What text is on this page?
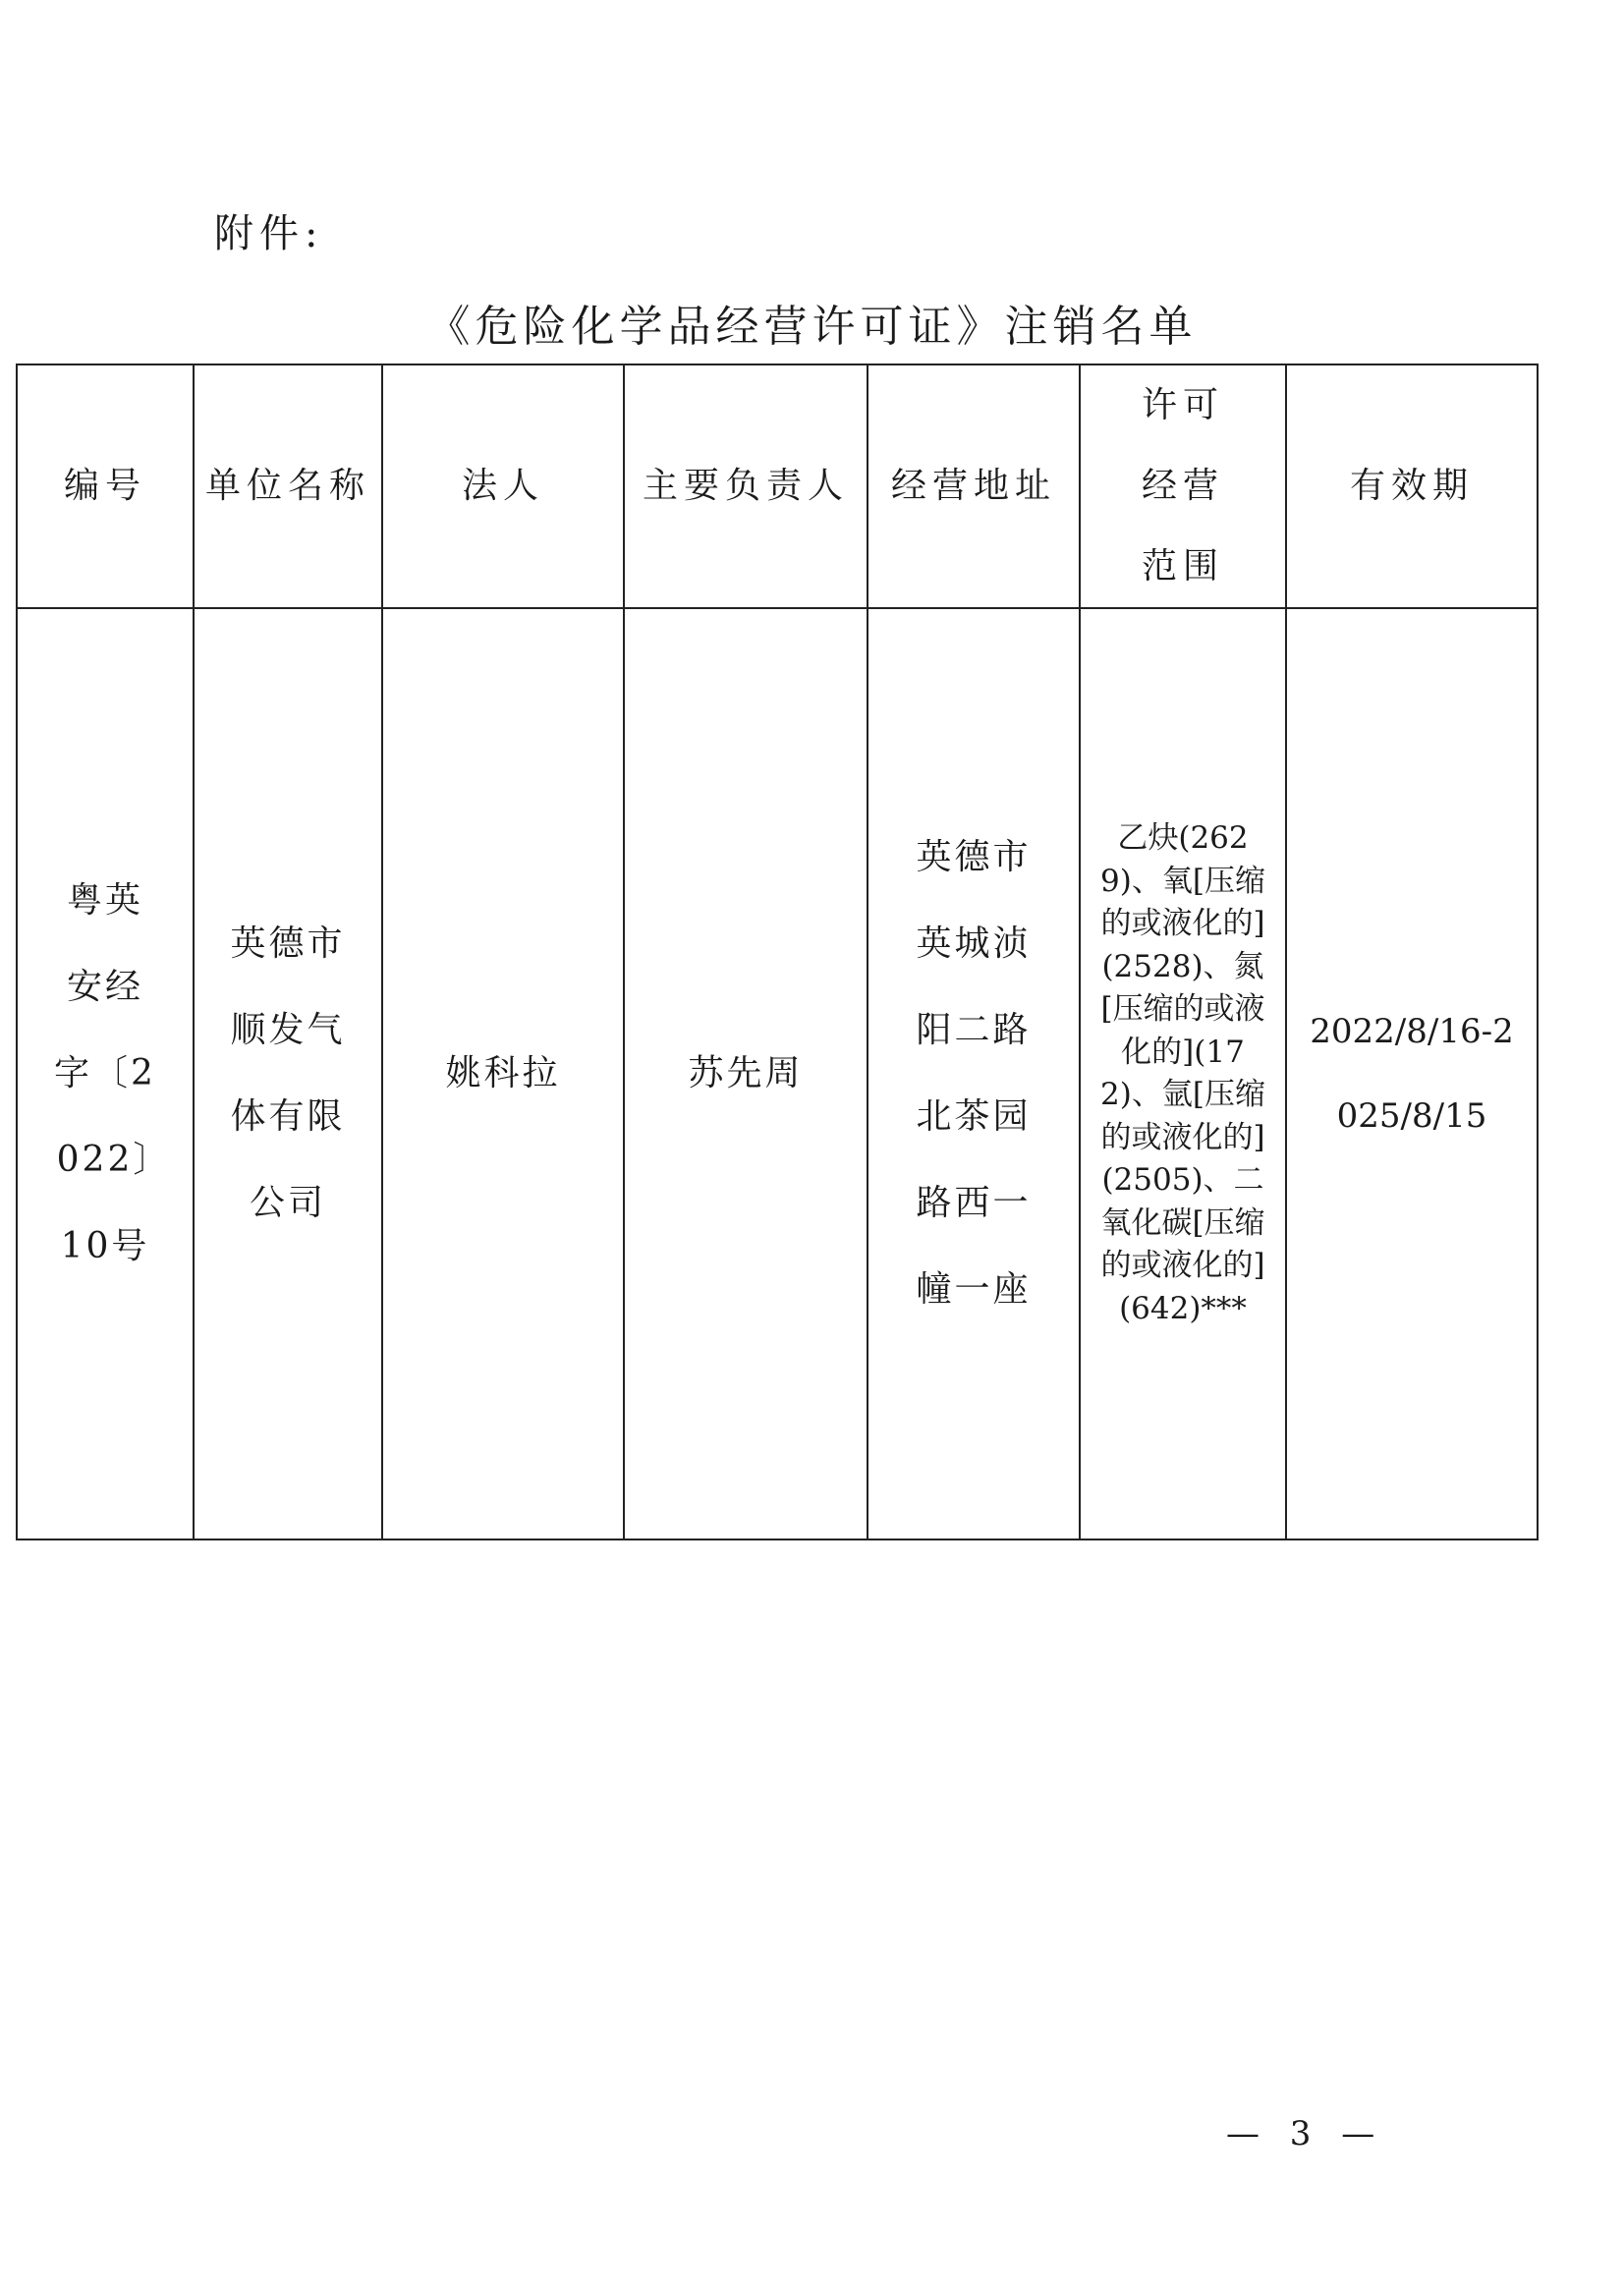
附件:
《危险化学品经营许可证》注销名单
编号	单位名称	法人	主要负责人	经营地址	许可经营范围	有效期

粤英安经字〔2022〕10号	英德市顺发气体有限公司	姚科拉	苏先周	英德市英城浈阳二路北茶园路西一幢一座	乙炔(2629)、氧[压缩的或液化的](2528)、氮[压缩的或液化的](172)、氩[压缩的或液化的](2505)、二氧化碳[压缩的或液化的](642)***	2022/8/16-2025/8/15
— 3 —
